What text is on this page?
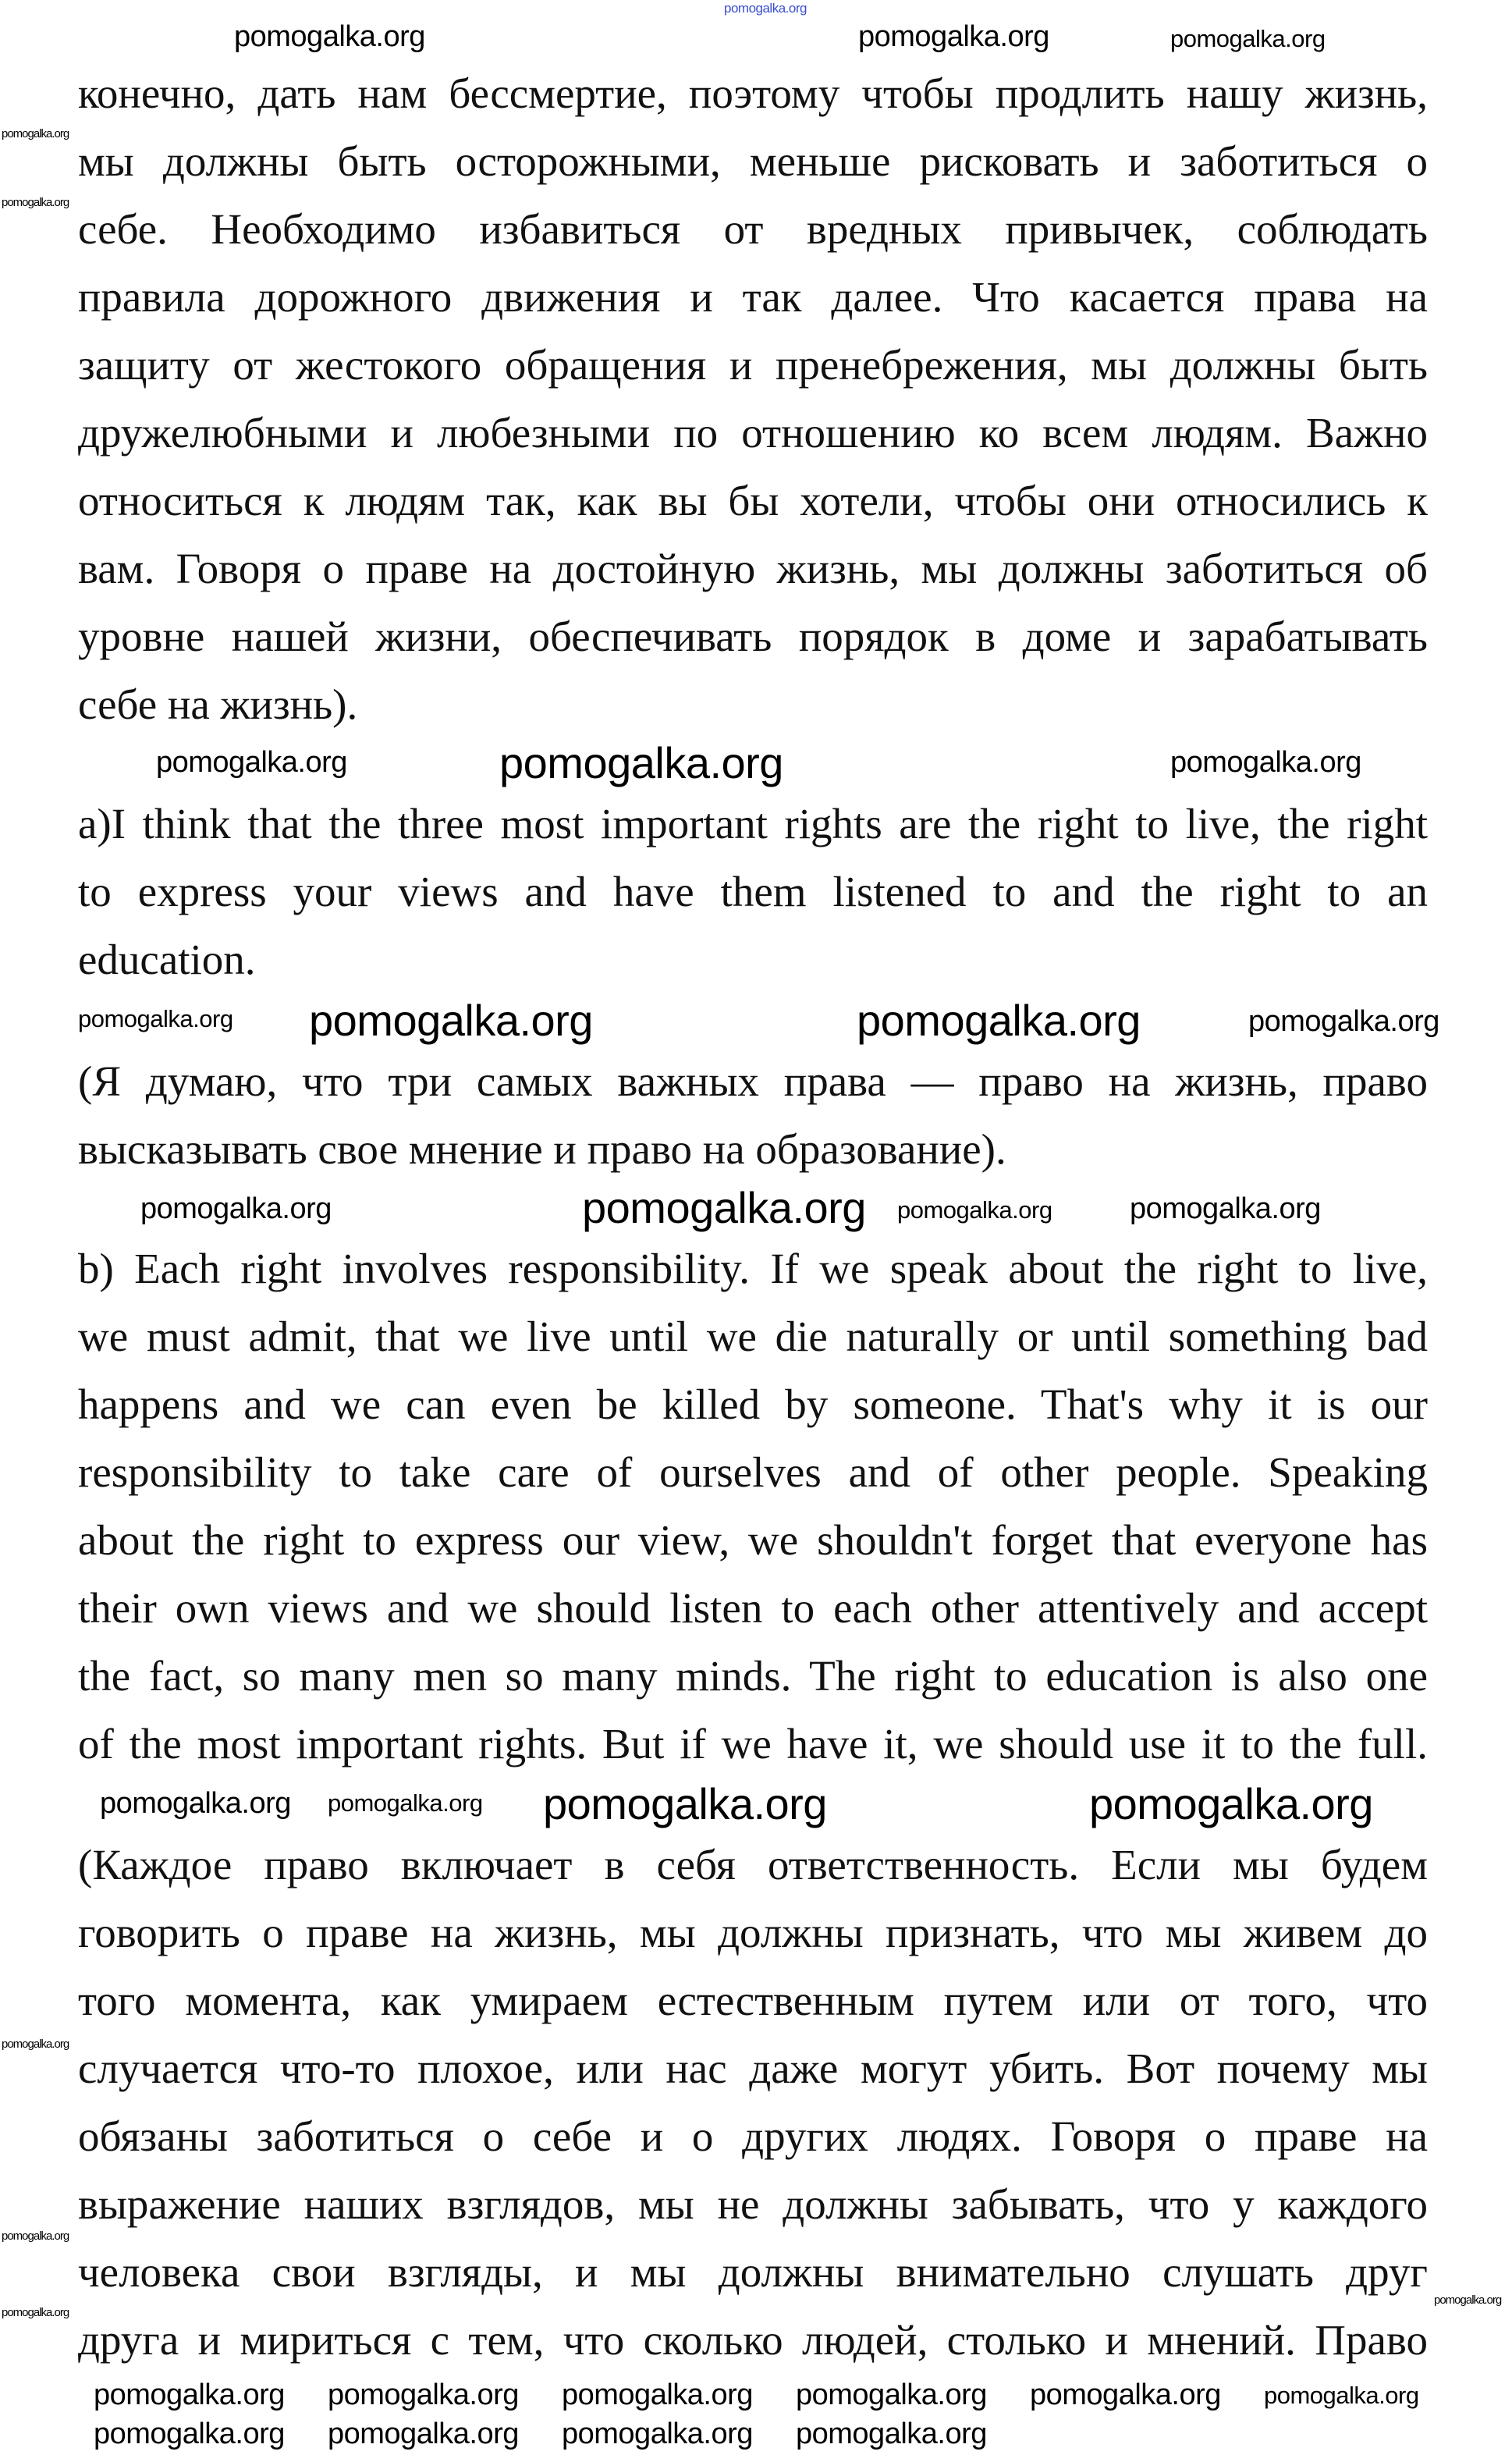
конечно, дать нам бессмертие, поэтому чтобы продлить нашу жизнь,
мы должны быть осторожными, меньше рисковать и заботиться о
себе. Необходимо избавиться от вредных привычек, соблюдать
правила дорожного движения и так далее. Что касается права на
защиту от жестокого обращения и пренебрежения, мы должны быть
дружелюбными и любезными по отношению ко всем людям. Важно
относиться к людям так, как вы бы хотели, чтобы они относились к
вам. Говоря о праве на достойную жизнь, мы должны заботиться об
уровне нашей жизни, обеспечивать порядок в доме и зарабатывать
себе на жизнь).
a)I think that the three most important rights are the right to live, the right
to express your views and have them listened to and the right to an
education.
(Я думаю, что три самых важных права — право на жизнь, право
высказывать свое мнение и право на образование).
b) Each right involves responsibility. If we speak about the right to live,
we must admit, that we live until we die naturally or until something bad
happens and we can even be killed by someone. That's why it is our
responsibility to take care of ourselves and of other people. Speaking
about the right to express our view, we shouldn't forget that everyone has
their own views and we should listen to each other attentively and accept
the fact, so many men so many minds. The right to education is also one
of the most important rights. But if we have it, we should use it to the full.
(Каждое право включает в себя ответственность. Если мы будем
говорить о праве на жизнь, мы должны признать, что мы живем до
того момента, как умираем естественным путем или от того, что
случается что-то плохое, или нас даже могут убить. Вот почему мы
обязаны заботиться о себе и о других людях. Говоря о праве на
выражение наших взглядов, мы не должны забывать, что у каждого
человека свои взгляды, и мы должны внимательно слушать друг
друга и мириться с тем, что сколько людей, столько и мнений. Право
pomogalka.org
pomogalka.org	pomogalka.org	pomogalka.org
pomogalka.org
pomogalka.org
pomogalka.org
pomogalka.org
pomogalka.org
pomogalka.org
pomogalka.org	pomogalka.org	pomogalka.org
pomogalka.org pomogalka.org	pomogalka.org	pomogalka.org
pomogalka.org	pomogalka.org pomogalka.org	pomogalka.org
pomogalka.org pomogalka.org pomogalka.org	pomogalka.org
pomogalka.org pomogalka.org pomogalka.org pomogalka.org pomogalka.org pomogalka.org
pomogalka.org pomogalka.org pomogalka.org pomogalka.org
